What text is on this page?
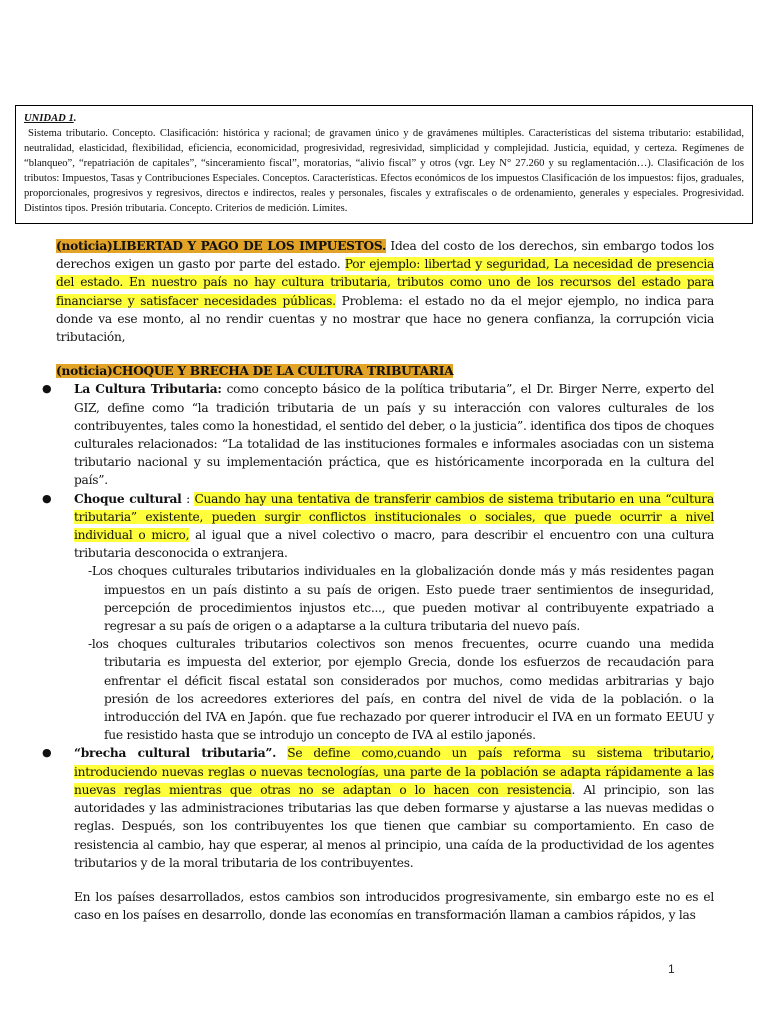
UNIDAD 1.
Sistema tributario. Concepto. Clasificación: histórica y racional; de gravamen único y de gravámenes múltiples. Características del sistema tributario: estabilidad, neutralidad, elasticidad, flexibilidad, eficiencia, economicidad, progresividad, regresividad, simplicidad y complejidad. Justicia, equidad, y certeza. Regímenes de “blanqueo”, “repatriación de capitales”, “sinceramiento fiscal”, moratorias, “alivio fiscal” y otros (vgr. Ley N° 27.260 y su reglamentación…). Clasificación de los tributos: Impuestos, Tasas y Contribuciones Especiales. Conceptos. Características. Efectos económicos de los impuestos Clasificación de los impuestos: fijos, graduales, proporcionales, progresivos y regresivos, directos e indirectos, reales y personales, fiscales y extrafiscales o de ordenamiento, generales y especiales. Progresividad. Distintos tipos. Presión tributaria. Concepto. Criterios de medición. Límites.

(noticia)LIBERTAD Y PAGO DE LOS IMPUESTOS. Idea del costo de los derechos, sin embargo todos los derechos exigen un gasto por parte del estado. Por ejemplo: libertad y seguridad, La necesidad de presencia del estado. En nuestro país no hay cultura tributaria, tributos como uno de los recursos del estado para financiarse y satisfacer necesidades públicas. Problema: el estado no da el mejor ejemplo, no indica para donde va ese monto, al no rendir cuentas y no mostrar que hace no genera confianza, la corrupción vicia tributación,

(noticia)CHOQUE Y BRECHA DE LA CULTURA TRIBUTARIA

● La Cultura Tributaria: como concepto básico de la política tributaria”, el Dr. Birger Nerre, experto del GIZ, define como “la tradición tributaria de un país y su interacción con valores culturales de los contribuyentes, tales como la honestidad, el sentido del deber, o la justicia”. identifica dos tipos de choques culturales relacionados: “La totalidad de las instituciones formales e informales asociadas con un sistema tributario nacional y su implementación práctica, que es históricamente incorporada en la cultura del país”.

● Choque cultural : Cuando hay una tentativa de transferir cambios de sistema tributario en una “cultura tributaria” existente, pueden surgir conflictos institucionales o sociales, que puede ocurrir a nivel individual o micro, al igual que a nivel colectivo o macro, para describir el encuentro con una cultura tributaria desconocida o extranjera.

-Los choques culturales tributarios individuales en la globalización donde más y más residentes pagan impuestos en un país distinto a su país de origen. Esto puede traer sentimientos de inseguridad, percepción de procedimientos injustos etc..., que pueden motivar al contribuyente expatriado a regresar a su país de origen o a adaptarse a la cultura tributaria del nuevo país.

-los choques culturales tributarios colectivos son menos frecuentes, ocurre cuando una medida tributaria es impuesta del exterior, por ejemplo Grecia, donde los esfuerzos de recaudación para enfrentar el déficit fiscal estatal son considerados por muchos, como medidas arbitrarias y bajo presión de los acreedores exteriores del país, en contra del nivel de vida de la población. o la introducción del IVA en Japón. que fue rechazado por querer introducir el IVA en un formato EEUU y fue resistido hasta que se introdujo un concepto de IVA al estilo japonés.

● “brecha cultural tributaria”. Se define como,cuando un país reforma su sistema tributario, introduciendo nuevas reglas o nuevas tecnologías, una parte de la población se adapta rápidamente a las nuevas reglas mientras que otras no se adaptan o lo hacen con resistencia. Al principio, son las autoridades y las administraciones tributarias las que deben formarse y ajustarse a las nuevas medidas o reglas. Después, son los contribuyentes los que tienen que cambiar su comportamiento. En caso de resistencia al cambio, hay que esperar, al menos al principio, una caída de la productividad de los agentes tributarios y de la moral tributaria de los contribuyentes.

En los países desarrollados, estos cambios son introducidos progresivamente, sin embargo este no es el caso en los países en desarrollo, donde las economías en transformación llaman a cambios rápidos, y las

1
